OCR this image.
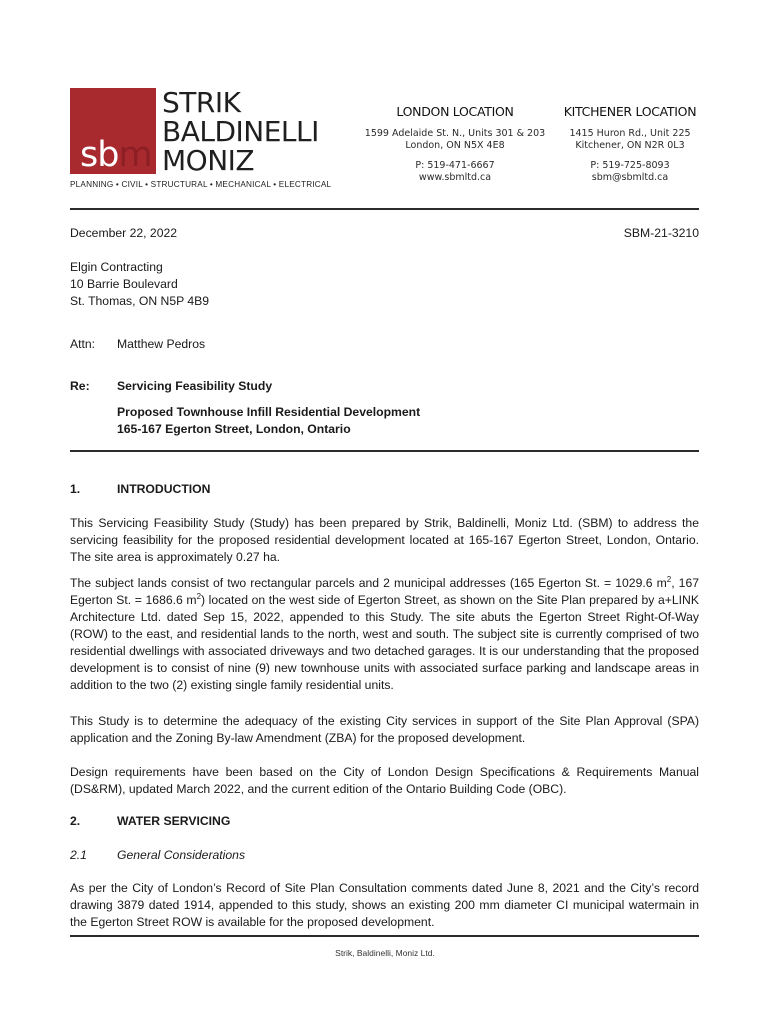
sbm
STRIK
BALDINELLI
MONIZ
PLANNING • CIVIL • STRUCTURAL • MECHANICAL • ELECTRICAL
LONDON LOCATION

1599 Adelaide St. N., Units 301 & 203

London, ON N5X 4E8

P: 519-471-6667

www.sbmltd.ca

KITCHENER LOCATION

1415 Huron Rd., Unit 225

Kitchener, ON N2R 0L3

P: 519-725-8093

sbm@sbmltd.ca

December 22, 2022	SBM-21-3210
Elgin Contracting
10 Barrie Boulevard
St. Thomas, ON N5P 4B9
Attn: Matthew Pedros
Re: Servicing Feasibility Study
Proposed Townhouse Infill Residential Development
165-167 Egerton Street, London, Ontario
1.	INTRODUCTION
This Servicing Feasibility Study (Study) has been prepared by Strik, Baldinelli, Moniz Ltd. (SBM) to address the servicing feasibility for the proposed residential development located at 165-167 Egerton Street, London, Ontario. The site area is approximately 0.27 ha.
The subject lands consist of two rectangular parcels and 2 municipal addresses (165 Egerton St. = 1029.6 $m^2$, 167 Egerton St. = 1686.6 $m^2$) located on the west side of Egerton Street, as shown on the Site Plan prepared by a+LINK Architecture Ltd. dated Sep 15, 2022, appended to this Study. The site abuts the Egerton Street Right-Of-Way (ROW) to the east, and residential lands to the north, west and south. The subject site is currently comprised of two residential dwellings with associated driveways and two detached garages. It is our understanding that the proposed development is to consist of nine (9) new townhouse units with associated surface parking and landscape areas in addition to the two (2) existing single family residential units.
This Study is to determine the adequacy of the existing City services in support of the Site Plan Approval (SPA) application and the Zoning By-law Amendment (ZBA) for the proposed development.
Design requirements have been based on the City of London Design Specifications & Requirements Manual (DS&RM), updated March 2022, and the current edition of the Ontario Building Code (OBC).
2.	WATER SERVICING
2.1 General Considerations
As per the City of London’s Record of Site Plan Consultation comments dated June 8, 2021 and the City’s record drawing 3879 dated 1914, appended to this study, shows an existing 200 mm diameter CI municipal watermain in the Egerton Street ROW is available for the proposed development.
Strik, Baldinelli, Moniz Ltd.
